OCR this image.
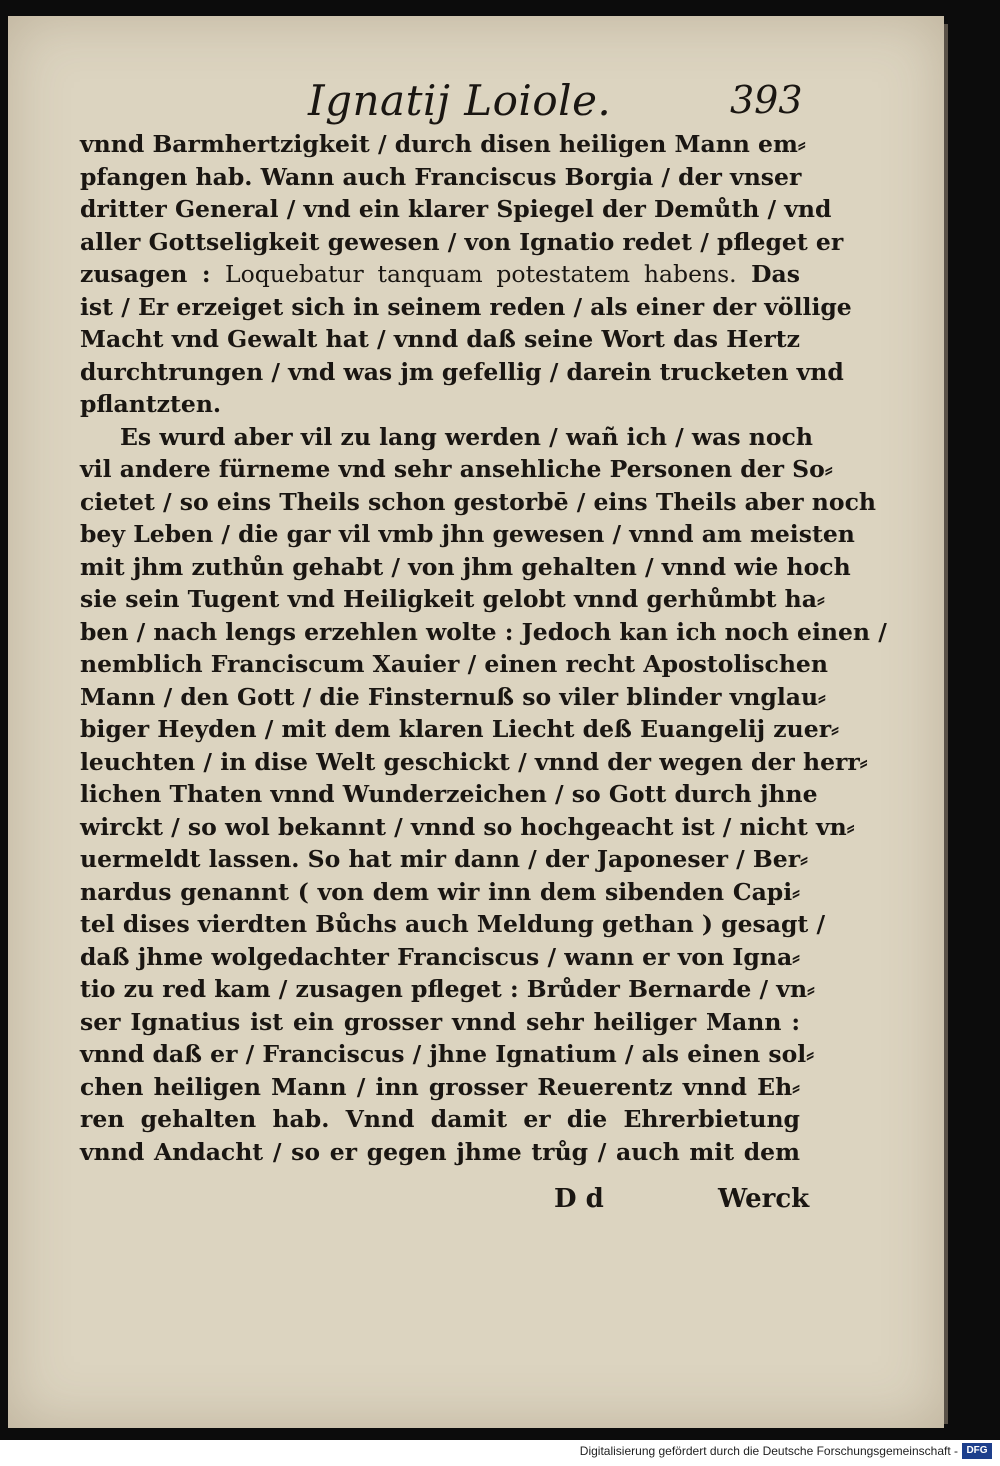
Ignatij Loiole.	393
vnnd Barmhertzigkeit / durch disen heiligen Mann em⸗
pfangen hab. Wann auch Franciscus Borgia / der vnser
dritter General / vnd ein klarer Spiegel der Demůth / vnd
aller Gottseligkeit gewesen / von Ignatio redet / pfleget er
zusagen : Loquebatur tanquam potestatem habens. Das
ist / Er erzeiget sich in seinem reden / als einer der völlige
Macht vnd Gewalt hat / vnnd daß seine Wort das Hertz
durchtrungen / vnd was jm gefellig / darein trucketen vnd
pflantzten.
Es wurd aber vil zu lang werden / wañ ich / was noch
vil andere fürneme vnd sehr ansehliche Personen der So⸗
cietet / so eins Theils schon gestorbē / eins Theils aber noch
bey Leben / die gar vil vmb jhn gewesen / vnnd am meisten
mit jhm zuthůn gehabt / von jhm gehalten / vnnd wie hoch
sie sein Tugent vnd Heiligkeit gelobt vnnd gerhůmbt ha⸗
ben / nach lengs erzehlen wolte : Jedoch kan ich noch einen /
nemblich Franciscum Xauier / einen recht Apostolischen
Mann / den Gott / die Finsternuß so viler blinder vnglau⸗
biger Heyden / mit dem klaren Liecht deß Euangelij zuer⸗
leuchten / in dise Welt geschickt / vnnd der wegen der herr⸗
lichen Thaten vnnd Wunderzeichen / so Gott durch jhne
wirckt / so wol bekannt / vnnd so hochgeacht ist / nicht vn⸗
uermeldt lassen. So hat mir dann / der Japoneser / Ber⸗
nardus genannt ( von dem wir inn dem sibenden Capi⸗
tel dises vierdten Bůchs auch Meldung gethan ) gesagt /
daß jhme wolgedachter Franciscus / wann er von Igna⸗
tio zu red kam / zusagen pfleget : Brůder Bernarde / vn⸗
ser Ignatius ist ein grosser vnnd sehr heiliger Mann :
vnnd daß er / Franciscus / jhne Ignatium / als einen sol⸗
chen heiligen Mann / inn grosser Reuerentz vnnd Eh⸗
ren gehalten hab. Vnnd damit er die Ehrerbietung
vnnd Andacht / so er gegen jhme trůg / auch mit dem
D d	Werck
Digitalisierung gefördert durch die Deutsche Forschungsgemeinschaft - DFG
